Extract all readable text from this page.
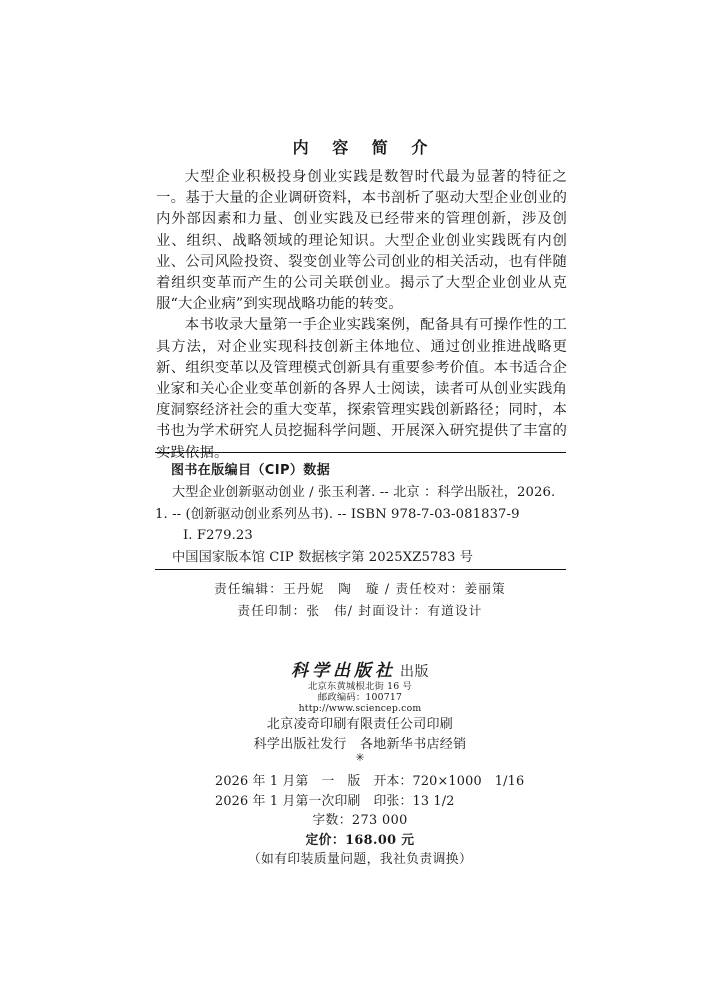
内 容 简 介

大型企业积极投身创业实践是数智时代最为显著的特征之一。基于大量的企业调研资料，本书剖析了驱动大型企业创业的内外部因素和力量、创业实践及已经带来的管理创新，涉及创业、组织、战略领域的理论知识。大型企业创业实践既有内创业、公司风险投资、裂变创业等公司创业的相关活动，也有伴随着组织变革而产生的公司关联创业。揭示了大型企业创业从克服“大企业病”到实现战略功能的转变。

本书收录大量第一手企业实践案例，配备具有可操作性的工具方法，对企业实现科技创新主体地位、通过创业推进战略更新、组织变革以及管理模式创新具有重要参考价值。本书适合企业家和关心企业变革创新的各界人士阅读，读者可从创业实践角度洞察经济社会的重大变革，探索管理实践创新路径；同时，本书也为学术研究人员挖掘科学问题、开展深入研究提供了丰富的实践依据。

图书在版编目（CIP）数据
大型企业创新驱动创业 / 张玉利著. -- 北京 ：科学出版社，2026.
1. -- (创新驱动创业系列丛书). -- ISBN 978-7-03-081837-9
Ⅰ. F279.23
中国国家版本馆 CIP 数据核字第 2025XZ5783 号
责任编辑：王丹妮　陶　璇 / 责任校对：姜丽策
责任印制：张　伟/ 封面设计：有道设计
科学出版社 出版
北京东黄城根北街 16 号
邮政编码：100717
http://www.sciencep.com
北京凌奇印刷有限责任公司印刷
科学出版社发行　各地新华书店经销
✳
2026 年 1 月第　一　版　开本：720×1000　1/16
2026 年 1 月第一次印刷　印张：13 1/2
字数：273 000
定价：168.00 元
（如有印装质量问题，我社负责调换）
